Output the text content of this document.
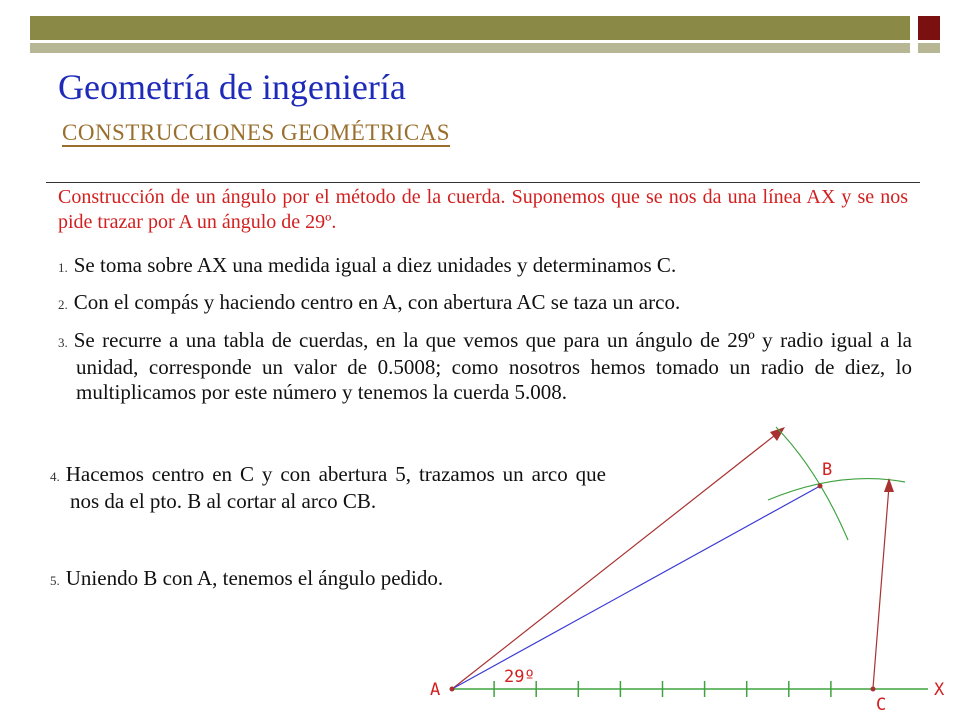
Geometría de ingeniería
CONSTRUCCIONES GEOMÉTRICAS
Construcción de un ángulo por el método de la cuerda. Suponemos que se nos da una línea AX y se nos pide trazar por A un ángulo de 29º.
1. Se toma sobre AX una medida igual a diez unidades y determinamos C.
2. Con el compás y haciendo centro en A, con abertura AC se taza un arco.
3. Se recurre a una tabla de cuerdas, en la que vemos que para un ángulo de 29º y radio igual a la unidad, corresponde un valor de 0.5008; como nosotros hemos tomado un radio de diez, lo multiplicamos por este número y tenemos la cuerda 5.008.
4. Hacemos centro en C y con abertura 5, trazamos un arco que nos da el pto. B al cortar al arco CB.
5. Uniendo B con A, tenemos el ángulo pedido.
A
B
C
X
29º
